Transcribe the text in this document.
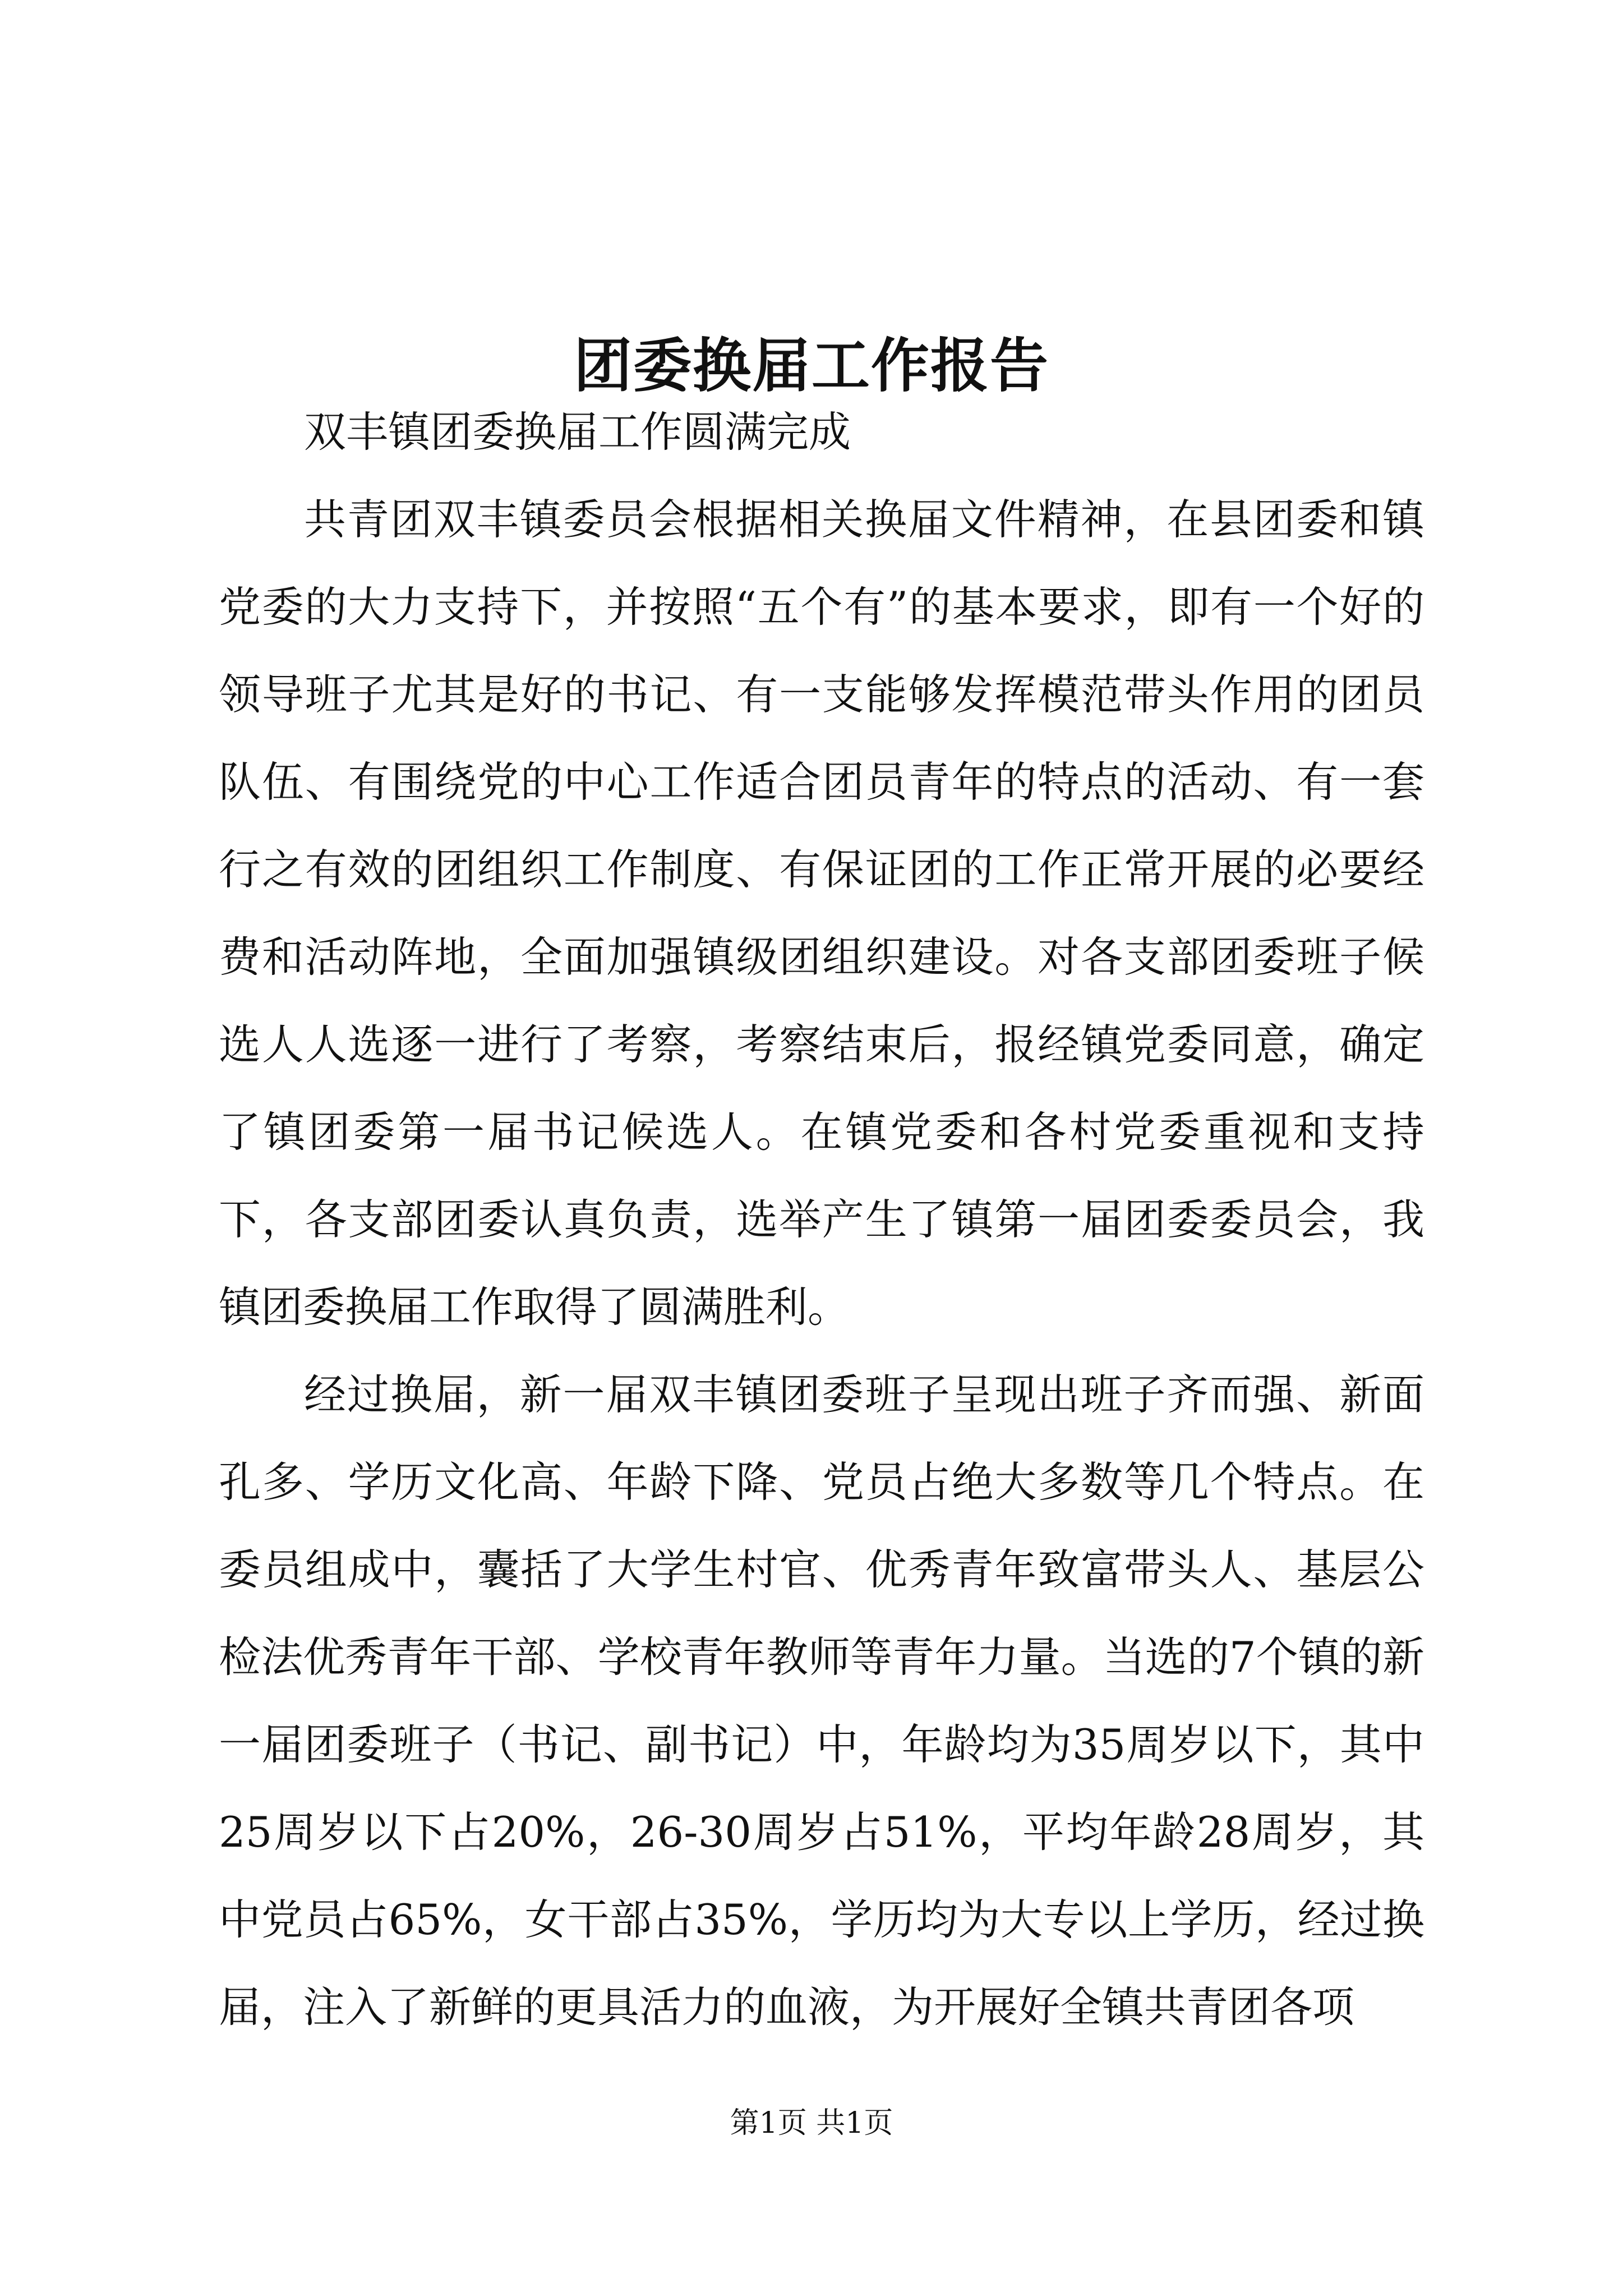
团委换届工作报告

双丰镇团委换届工作圆满完成

共青团双丰镇委员会根据相关换届文件精神，在县团委和镇党委的大力支持下，并按照“五个有”的基本要求，即有一个好的领导班子尤其是好的书记、有一支能够发挥模范带头作用的团员队伍、有围绕党的中心工作适合团员青年的特点的活动、有一套行之有效的团组织工作制度、有保证团的工作正常开展的必要经费和活动阵地，全面加强镇级团组织建设。对各支部团委班子候选人人选逐一进行了考察，考察结束后，报经镇党委同意，确定了镇团委第一届书记候选人。在镇党委和各村党委重视和支持下，各支部团委认真负责，选举产生了镇第一届团委委员会，我镇团委换届工作取得了圆满胜利。

经过换届，新一届双丰镇团委班子呈现出班子齐而强、新面孔多、学历文化高、年龄下降、党员占绝大多数等几个特点。在委员组成中，囊括了大学生村官、优秀青年致富带头人、基层公检法优秀青年干部、学校青年教师等青年力量。当选的7个镇的新一届团委班子（书记、副书记）中，年龄均为35周岁以下，其中25周岁以下占20%，26-30周岁占51%，平均年龄28周岁，其中党员占65%，女干部占35%，学历均为大专以上学历，经过换届，注入了新鲜的更具活力的血液，为开展好全镇共青团各项

第1页 共1页
